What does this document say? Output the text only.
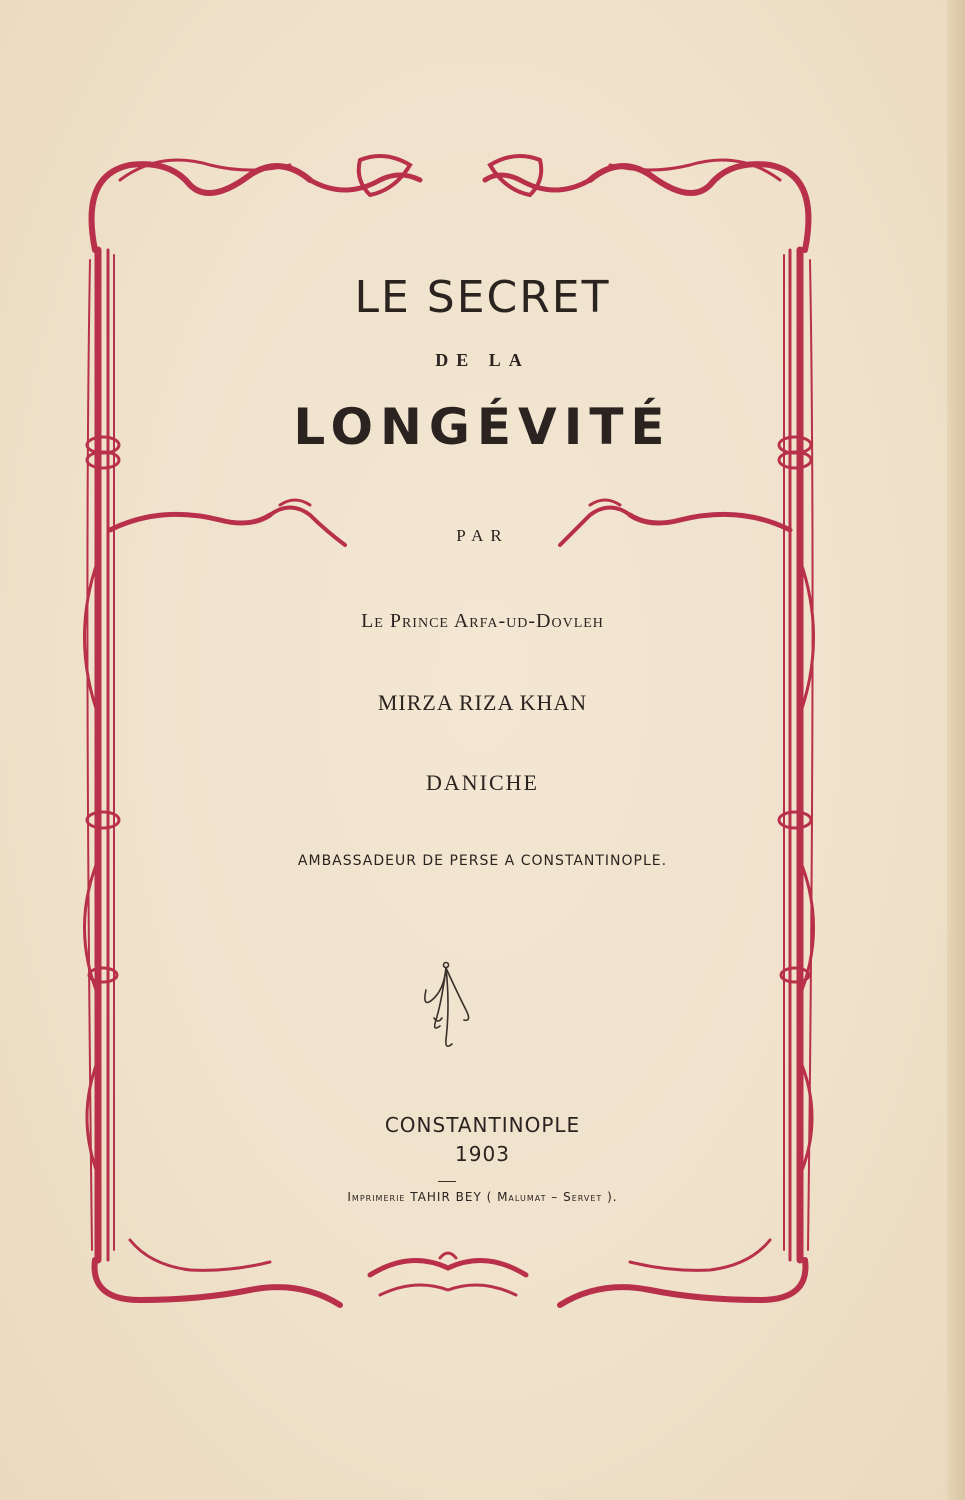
LE SECRET
DE LA
LONGÉVITÉ
PAR
Le Prince Arfa-ud-Dovleh
MIRZA RIZA KHAN
DANICHE
AMBASSADEUR DE PERSE A CONSTANTINOPLE.
CONSTANTINOPLE
1903
Imprimerie TAHIR BEY ( Malumat – Servet ).
